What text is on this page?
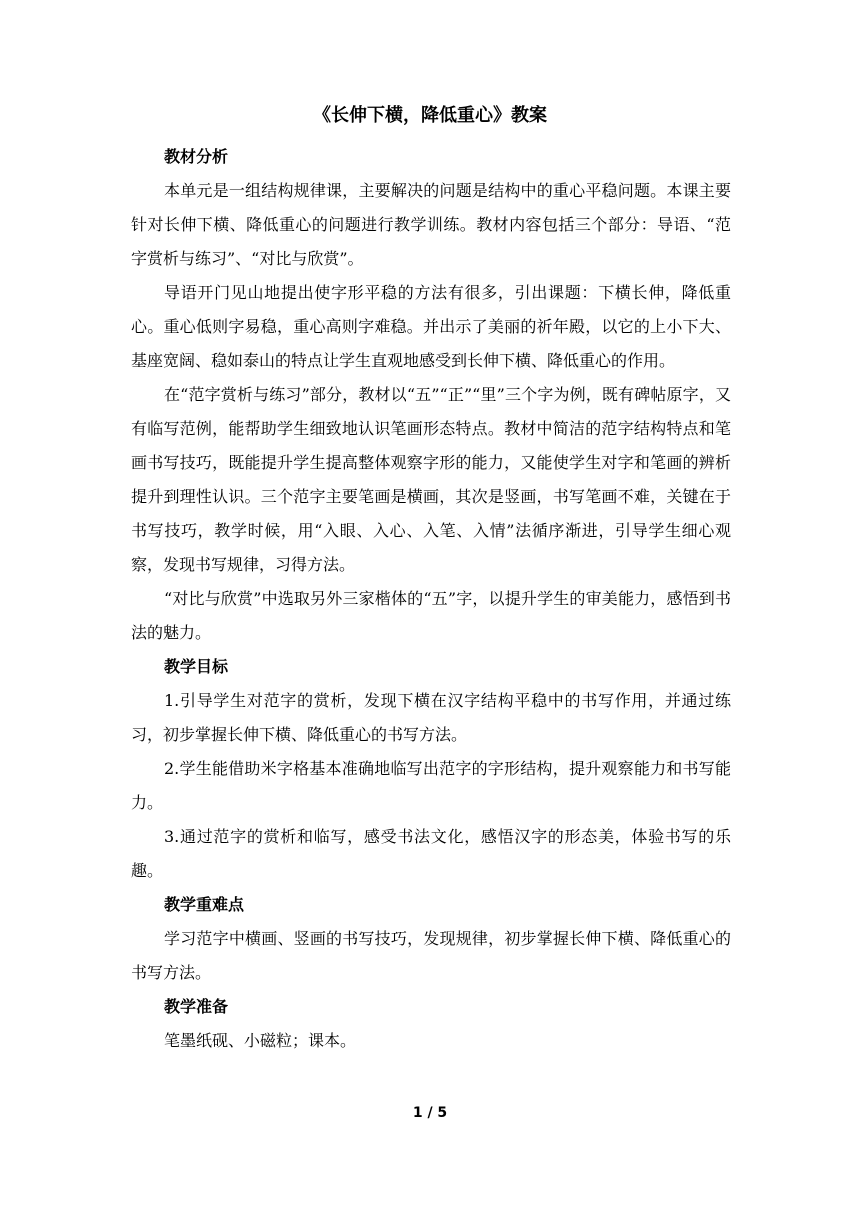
《长伸下横，降低重心》教案

教材分析

本单元是一组结构规律课，主要解决的问题是结构中的重心平稳问题。本课主要针对长伸下横、降低重心的问题进行教学训练。教材内容包括三个部分：导语、“范字赏析与练习”、“对比与欣赏”。

导语开门见山地提出使字形平稳的方法有很多，引出课题：下横长伸，降低重心。重心低则字易稳，重心高则字难稳。并出示了美丽的祈年殿，以它的上小下大、基座宽阔、稳如泰山的特点让学生直观地感受到长伸下横、降低重心的作用。

在“范字赏析与练习”部分，教材以“五”“正”“里”三个字为例，既有碑帖原字，又有临写范例，能帮助学生细致地认识笔画形态特点。教材中简洁的范字结构特点和笔画书写技巧，既能提升学生提高整体观察字形的能力，又能使学生对字和笔画的辨析提升到理性认识。三个范字主要笔画是横画，其次是竖画，书写笔画不难，关键在于书写技巧，教学时候，用“入眼、入心、入笔、入情”法循序渐进，引导学生细心观察，发现书写规律，习得方法。

“对比与欣赏”中选取另外三家楷体的“五”字，以提升学生的审美能力，感悟到书法的魅力。

教学目标

1.引导学生对范字的赏析，发现下横在汉字结构平稳中的书写作用，并通过练习，初步掌握长伸下横、降低重心的书写方法。

2.学生能借助米字格基本准确地临写出范字的字形结构，提升观察能力和书写能力。

3.通过范字的赏析和临写，感受书法文化，感悟汉字的形态美，体验书写的乐趣。

教学重难点

学习范字中横画、竖画的书写技巧，发现规律，初步掌握长伸下横、降低重心的书写方法。

教学准备

笔墨纸砚、小磁粒；课本。

1 / 5
